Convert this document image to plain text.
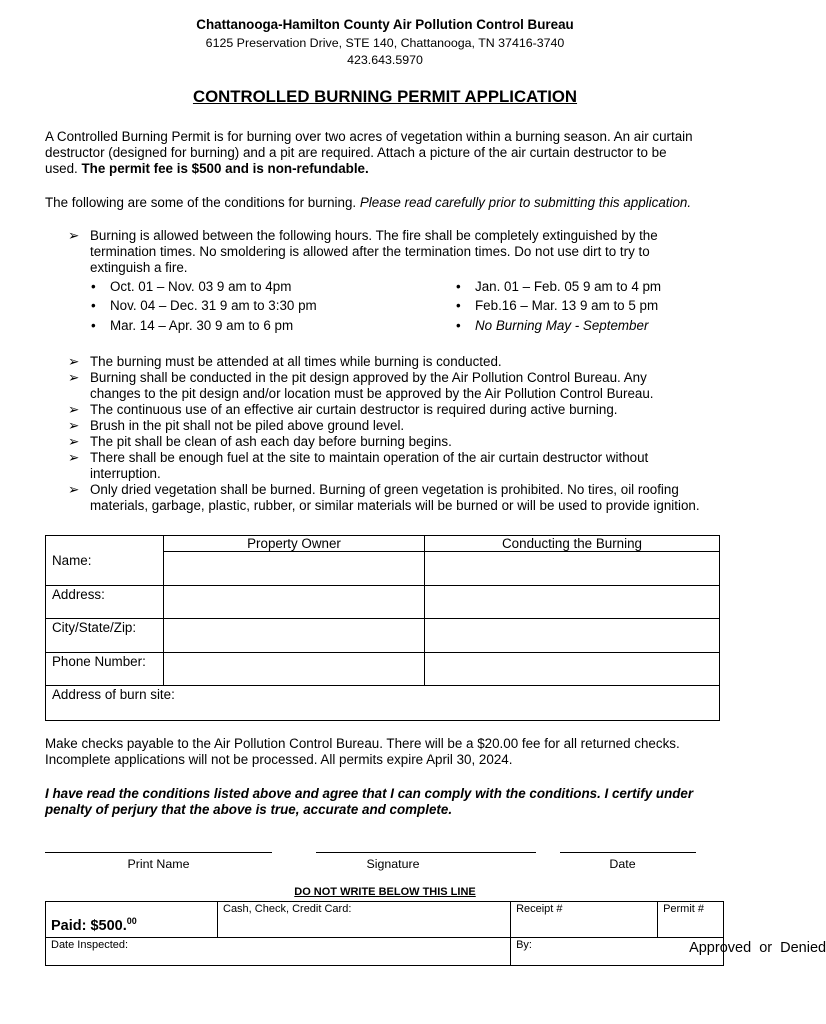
Chattanooga-Hamilton County Air Pollution Control Bureau
6125 Preservation Drive, STE 140, Chattanooga, TN 37416-3740
423.643.5970
CONTROLLED BURNING PERMIT APPLICATION
A Controlled Burning Permit is for burning over two acres of vegetation within a burning season. An air curtain
destructor (designed for burning) and a pit are required. Attach a picture of the air curtain destructor to be
used. The permit fee is $500 and is non-refundable.
The following are some of the conditions for burning. Please read carefully prior to submitting this application.
➢ Burning is allowed between the following hours. The fire shall be completely extinguished by the
termination times. No smoldering is allowed after the termination times. Do not use dirt to try to
extinguish a fire.
• Oct. 01 – Nov. 03 9 am to 4pm
• Nov. 04 – Dec. 31 9 am to 3:30 pm
• Mar. 14 – Apr. 30 9 am to 6 pm
• Jan. 01 – Feb. 05 9 am to 4 pm
• Feb.16 – Mar. 13 9 am to 5 pm
• No Burning May - September
➢ The burning must be attended at all times while burning is conducted.
➢ Burning shall be conducted in the pit design approved by the Air Pollution Control Bureau. Any
changes to the pit design and/or location must be approved by the Air Pollution Control Bureau.
➢ The continuous use of an effective air curtain destructor is required during active burning.
➢ Brush in the pit shall not be piled above ground level.
➢ The pit shall be clean of ash each day before burning begins.
➢ There shall be enough fuel at the site to maintain operation of the air curtain destructor without
interruption.
➢ Only dried vegetation shall be burned. Burning of green vegetation is prohibited. No tires, oil roofing
materials, garbage, plastic, rubber, or similar materials will be burned or will be used to provide ignition.
	Property Owner	Conducting the Burning
Name:		
Address:		
City/State/Zip:		
Phone Number:		
Address of burn site:		
Make checks payable to the Air Pollution Control Bureau. There will be a $20.00 fee for all returned checks.
Incomplete applications will not be processed. All permits expire April 30, 2024.
I have read the conditions listed above and agree that I can comply with the conditions. I certify under
penalty of perjury that the above is true, accurate and complete.
Print Name	Signature	Date
DO NOT WRITE BELOW THIS LINE
Paid: $500.00	Cash, Check, Credit Card:	Receipt #	Permit #
Date Inspected:		By: Approved  or  Denied	
